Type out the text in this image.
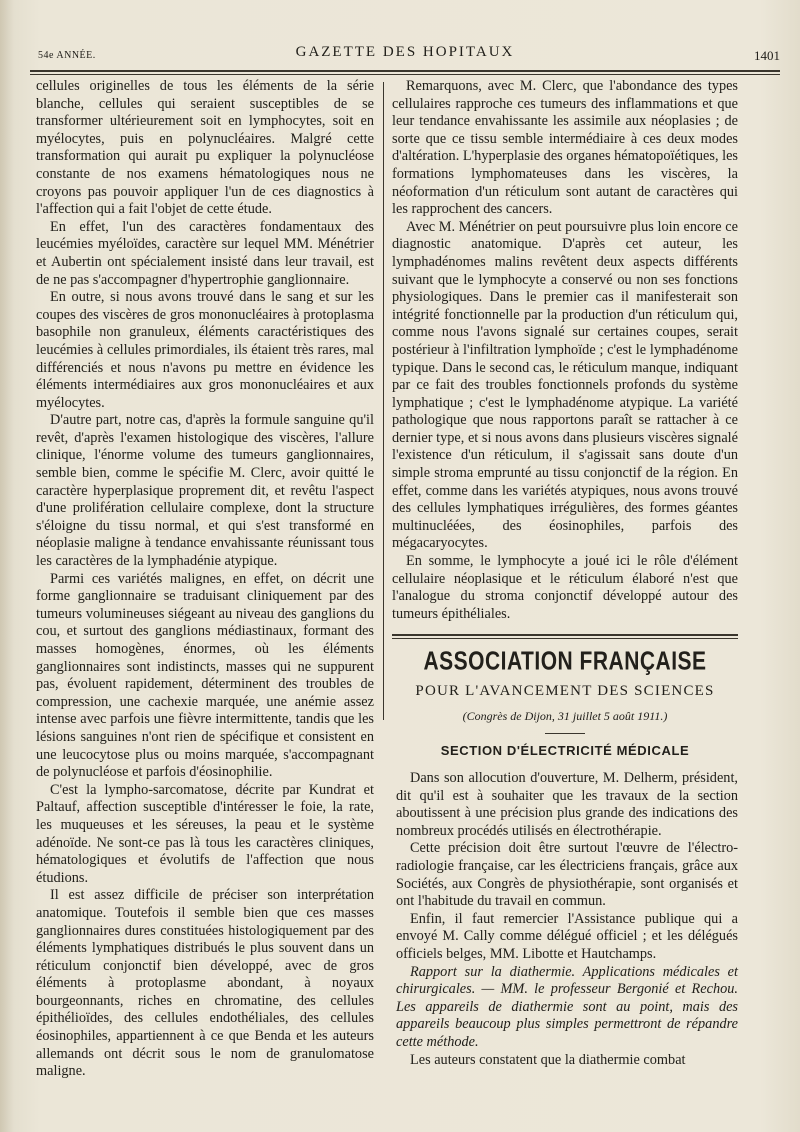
54e ANNÉE.	GAZETTE DES HOPITAUX	1401

cellules originelles de tous les éléments de la série blanche, cellules qui seraient susceptibles de se transformer ultérieurement soit en lymphocytes, soit en myélocytes, puis en polynucléaires. Malgré cette transformation qui aurait pu expliquer la polynucléose constante de nos examens hématologiques nous ne croyons pas pouvoir appliquer l'un de ces diagnostics à l'affection qui a fait l'objet de cette étude.

En effet, l'un des caractères fondamentaux des leucémies myéloïdes, caractère sur lequel MM. Ménétrier et Aubertin ont spécialement insisté dans leur travail, est de ne pas s'accompagner d'hypertrophie ganglionnaire.

En outre, si nous avons trouvé dans le sang et sur les coupes des viscères de gros mononucléaires à protoplasma basophile non granuleux, éléments caractéristiques des leucémies à cellules primordiales, ils étaient très rares, mal différenciés et nous n'avons pu mettre en évidence les éléments intermédiaires aux gros mononucléaires et aux myélocytes.

D'autre part, notre cas, d'après la formule sanguine qu'il revêt, d'après l'examen histologique des viscères, l'allure clinique, l'énorme volume des tumeurs ganglionnaires, semble bien, comme le spécifie M. Clerc, avoir quitté le caractère hyperplasique proprement dit, et revêtu l'aspect d'une prolifération cellulaire complexe, dont la structure s'éloigne du tissu normal, et qui s'est transformé en néoplasie maligne à tendance envahissante réunissant tous les caractères de la lymphadénie atypique.

Parmi ces variétés malignes, en effet, on décrit une forme ganglionnaire se traduisant cliniquement par des tumeurs volumineuses siégeant au niveau des ganglions du cou, et surtout des ganglions médiastinaux, formant des masses homogènes, énormes, où les éléments ganglionnaires sont indistincts, masses qui ne suppurent pas, évoluent rapidement, déterminent des troubles de compression, une cachexie marquée, une anémie assez intense avec parfois une fièvre intermittente, tandis que les lésions sanguines n'ont rien de spécifique et consistent en une leucocytose plus ou moins marquée, s'accompagnant de polynucléose et parfois d'éosinophilie.

C'est la lympho-sarcomatose, décrite par Kundrat et Paltauf, affection susceptible d'intéresser le foie, la rate, les muqueuses et les séreuses, la peau et le système adénoïde. Ne sont-ce pas là tous les caractères cliniques, hématologiques et évolutifs de l'affection que nous étudions.

Il est assez difficile de préciser son interprétation anatomique. Toutefois il semble bien que ces masses ganglionnaires dures constituées histologiquement par des éléments lymphatiques distribués le plus souvent dans un réticulum conjonctif bien développé, avec de gros éléments à protoplasme abondant, à noyaux bourgeonnants, riches en chromatine, des cellules épithélioïdes, des cellules endothéliales, des cellules éosinophiles, appartiennent à ce que Benda et les auteurs allemands ont décrit sous le nom de granulomatose maligne.

Remarquons, avec M. Clerc, que l'abondance des types cellulaires rapproche ces tumeurs des inflammations et que leur tendance envahissante les assimile aux néoplasies ; de sorte que ce tissu semble intermédiaire à ces deux modes d'altération. L'hyperplasie des organes hématopoïétiques, les formations lymphomateuses dans les viscères, la néoformation d'un réticulum sont autant de caractères qui les rapprochent des cancers.

Avec M. Ménétrier on peut poursuivre plus loin encore ce diagnostic anatomique. D'après cet auteur, les lymphadénomes malins revêtent deux aspects différents suivant que le lymphocyte a conservé ou non ses fonctions physiologiques. Dans le premier cas il manifesterait son intégrité fonctionnelle par la production d'un réticulum qui, comme nous l'avons signalé sur certaines coupes, serait postérieur à l'infiltration lymphoïde ; c'est le lymphadénome typique. Dans le second cas, le réticulum manque, indiquant par ce fait des troubles fonctionnels profonds du système lymphatique ; c'est le lymphadénome atypique. La variété pathologique que nous rapportons paraît se rattacher à ce dernier type, et si nous avons dans plusieurs viscères signalé l'existence d'un réticulum, il s'agissait sans doute d'un simple stroma emprunté au tissu conjonctif de la région. En effet, comme dans les variétés atypiques, nous avons trouvé des cellules lymphatiques irrégulières, des formes géantes multinucléées, des éosinophiles, parfois des mégacaryocytes.

En somme, le lymphocyte a joué ici le rôle d'élément cellulaire néoplasique et le réticulum élaboré n'est que l'analogue du stroma conjonctif développé autour des tumeurs épithéliales.

ASSOCIATION FRANÇAISE
POUR L'AVANCEMENT DES SCIENCES
(Congrès de Dijon, 31 juillet 5 août 1911.)
SECTION D'ÉLECTRICITÉ MÉDICALE

Dans son allocution d'ouverture, M. Delherm, président, dit qu'il est à souhaiter que les travaux de la section aboutissent à une précision plus grande des indications des nombreux procédés utilisés en électrothérapie.

Cette précision doit être surtout l'œuvre de l'électro-radiologie française, car les électriciens français, grâce aux Sociétés, aux Congrès de physiothérapie, sont organisés et ont l'habitude du travail en commun.

Enfin, il faut remercier l'Assistance publique qui a envoyé M. Cally comme délégué officiel ; et les délégués officiels belges, MM. Libotte et Hautchamps.

Rapport sur la diathermie. Applications médicales et chirurgicales. — MM. le professeur Bergonié et Rechou. Les appareils de diathermie sont au point, mais des appareils beaucoup plus simples permettront de répandre cette méthode.

Les auteurs constatent que la diathermie combat
